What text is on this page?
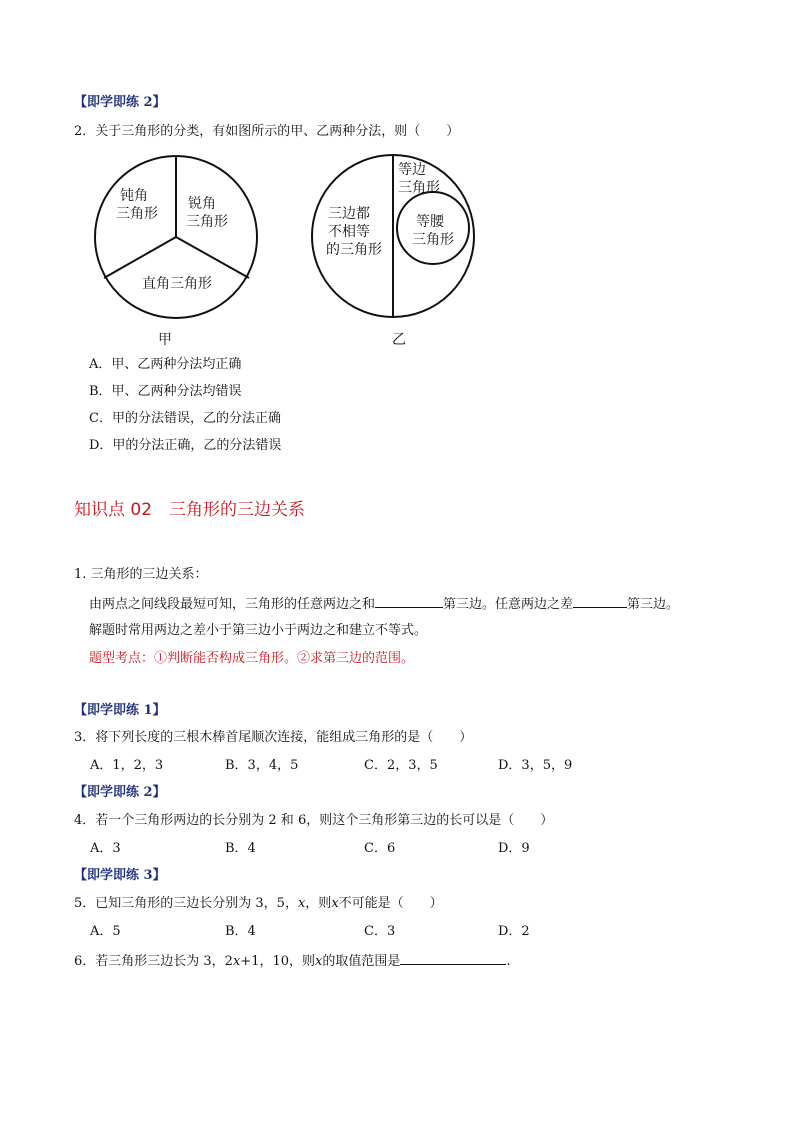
【即学即练 2】
2．关于三角形的分类，有如图所示的甲、乙两种分法，则（　　）
钝角
三角形
锐角
三角形
直角三角形
甲
三边都
不相等
的三角形
等边
三角形
等腰
三角形
乙
A．甲、乙两种分法均正确
B．甲、乙两种分法均错误
C．甲的分法错误，乙的分法正确
D．甲的分法正确，乙的分法错误
知识点 02　三角形的三边关系
1. 三角形的三边关系：
由两点之间线段最短可知，三角形的任意两边之和	第三边。任意两边之差	第三边。
解题时常用两边之差小于第三边小于两边之和建立不等式。
题型考点：①判断能否构成三角形。②求第三边的范围。
【即学即练 1】
3．将下列长度的三根木棒首尾顺次连接，能组成三角形的是（　　）
A．1，2，3	B．3，4，5	C．2，3，5	D．3，5，9
【即学即练 2】
4．若一个三角形两边的长分别为 2 和 6，则这个三角形第三边的长可以是（　　）
A．3	B．4	C．6	D．9
【即学即练 3】
5．已知三角形的三边长分别为 3，5，x，则x不可能是（　　）
A．5	B．4	C．3	D．2
6．若三角形三边长为 3，2x+1，10，则x的取值范围是	.
